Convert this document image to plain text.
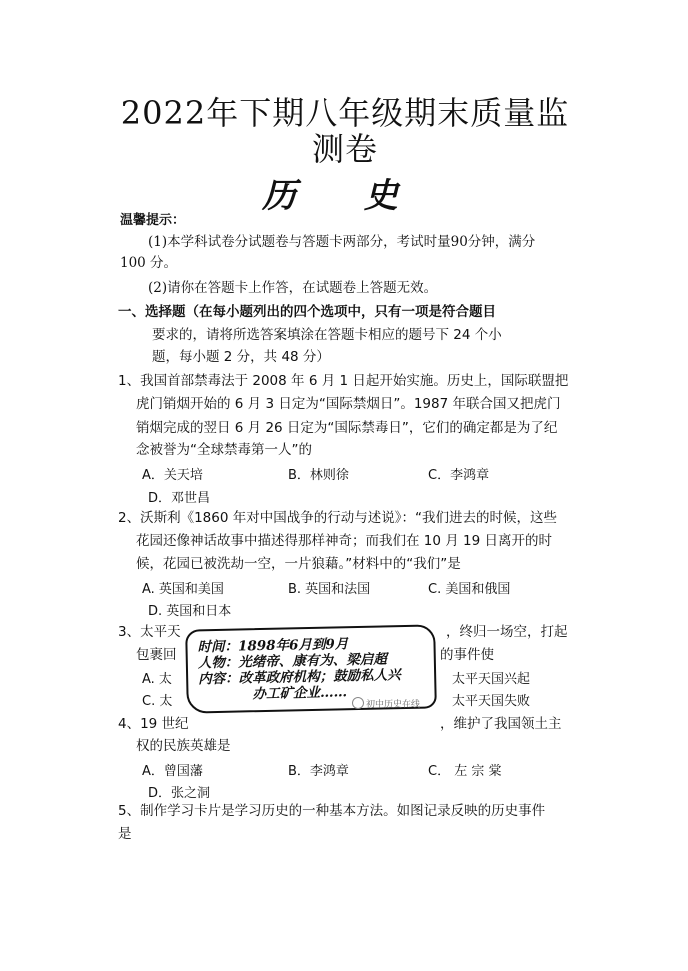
2022年下期八年级期末质量监
测卷
历 史
温馨提示：
(1)本学科试卷分试题卷与答题卡两部分，考试时量90分钟，满分
100 分。
(2)请你在答题卡上作答，在试题卷上答题无效。
一、选择题（在每小题列出的四个选项中，只有一项是符合题目
要求的，请将所选答案填涂在答题卡相应的题号下 24 个小
题，每小题 2 分，共 48 分）
1、我国首部禁毒法于 2008 年 6 月 1 日起开始实施。历史上，国际联盟把
虎门销烟开始的 6 月 3 日定为“国际禁烟日”。1987 年联合国又把虎门
销烟完成的翌日 6 月 26 日定为“国际禁毒日”，它们的确定都是为了纪
念被誉为“全球禁毒第一人”的
A．关天培	B．林则徐	C．李鸿章
D．邓世昌
2、沃斯利《1860 年对中国战争的行动与述说》：“我们进去的时候，这些
花园还像神话故事中描述得那样神奇；而我们在 10 月 19 日离开的时
候，花园已被洗劫一空，一片狼藉。”材料中的“我们”是
A. 英国和美国	B. 英国和法国	C. 美国和俄国
D. 英国和日本
3、太平天	，终归一场空，打起
包裹回	的事件使
A. 太	太平天国兴起
C. 太	太平天国失败
4、19 世纪	，维护了我国领土主
权的民族英雄是
A．曾国藩	B．李鸿章	C． 左 宗 棠
D．张之洞
5、制作学习卡片是学习历史的一种基本方法。如图记录反映的历史事件
是
时间：1898年6月到9月
人物：光绪帝、康有为、梁启超
内容：改革政府机构；鼓励私人兴
办工矿企业……
初中历史在线
